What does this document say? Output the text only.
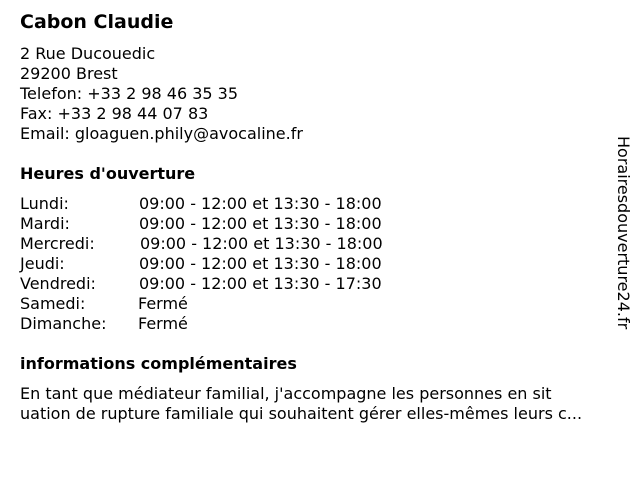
Cabon Claudie
2 Rue Ducouedic
29200 Brest
Telefon: +33 2 98 46 35 35
Fax: +33 2 98 44 07 83
Email: gloaguen.phily@avocaline.fr
Heures d'ouverture
Lundi:	09:00 - 12:00 et 13:30 - 18:00
Mardi:	09:00 - 12:00 et 13:30 - 18:00
Mercredi:	09:00 - 12:00 et 13:30 - 18:00
Jeudi:	09:00 - 12:00 et 13:30 - 18:00
Vendredi:	09:00 - 12:00 et 13:30 - 17:30
Samedi:	Fermé
Dimanche: Fermé
informations complémentaires
En tant que médiateur familial, j'accompagne les personnes en sit
uation de rupture familiale qui souhaitent gérer elles-mêmes leurs c...
Horairesdouverture24.fr
